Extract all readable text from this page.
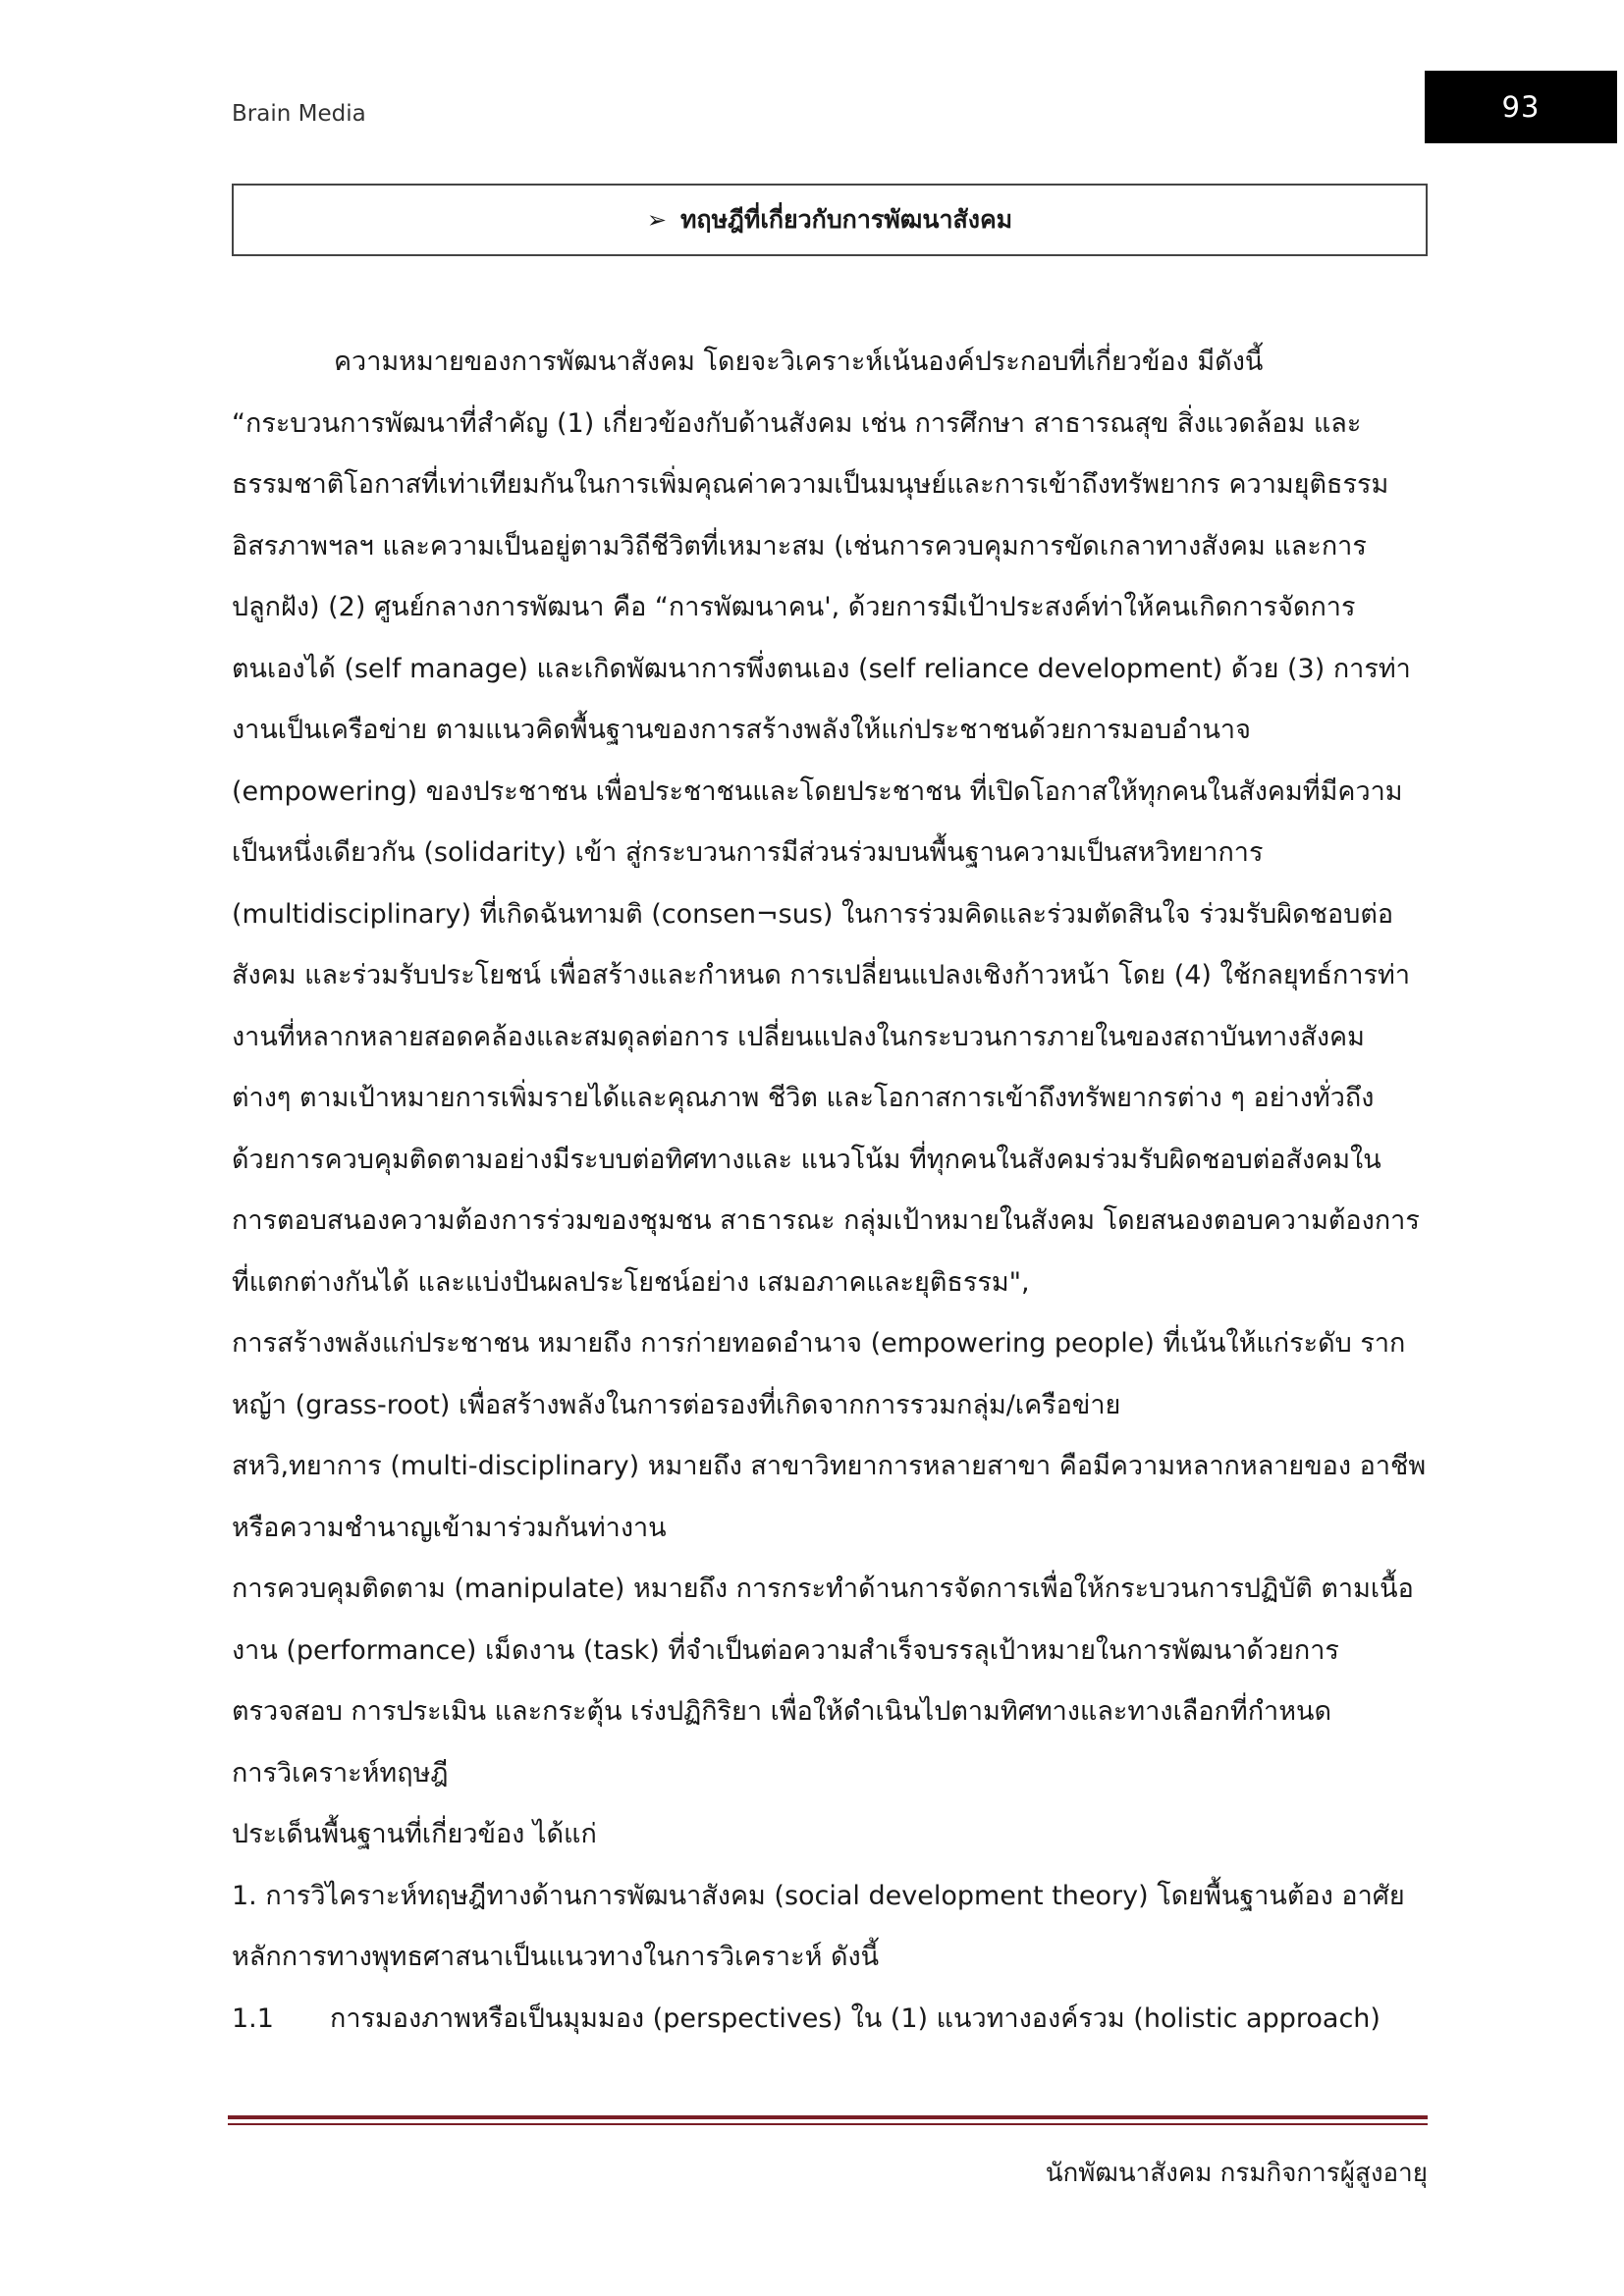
Brain Media	93
➢ ทฤษฎีที่เกี่ยวกับการพัฒนาสังคม
ความหมายของการพัฒนาสังคม โดยจะวิเคราะห์เน้นองค์ประกอบที่เกี่ยวข้อง มีดังนี้
“กระบวนการพัฒนาที่สำคัญ (1) เกี่ยวข้องกับด้านสังคม เช่น การศึกษา สาธารณสุข สิ่งแวดล้อม และ
ธรรมชาติโอกาสที่เท่าเทียมกันในการเพิ่มคุณค่าความเป็นมนุษย์และการเข้าถึงทรัพยากร ความยุติธรรม
อิสรภาพฯลฯ และความเป็นอยู่ตามวิถีชีวิตที่เหมาะสม (เช่นการควบคุมการขัดเกลาทางสังคม และการ
ปลูกฝัง) (2) ศูนย์กลางการพัฒนา คือ “การพัฒนาคน', ด้วยการมีเป้าประสงค์ท่าให้คนเกิดการจัดการ
ตนเองได้ (self manage) และเกิดพัฒนาการพึ่งตนเอง (self reliance development) ด้วย (3) การท่า
งานเป็นเครือข่าย ตามแนวคิดพื้นฐานของการสร้างพลังให้แก่ประชาชนด้วยการมอบอำนาจ
(empowering) ของประชาชน เพื่อประชาชนและโดยประชาชน ที่เปิดโอกาสให้ทุกคนในสังคมที่มีความ
เป็นหนึ่งเดียวกัน (solidarity) เข้า สู่กระบวนการมีส่วนร่วมบนพื้นฐานความเป็นสหวิทยาการ
(multidisciplinary) ที่เกิดฉันทามติ (consen¬sus) ในการร่วมคิดและร่วมตัดสินใจ ร่วมรับผิดชอบต่อ
สังคม และร่วมรับประโยชน์ เพื่อสร้างและกำหนด การเปลี่ยนแปลงเชิงก้าวหน้า โดย (4) ใช้กลยุทธ์การท่า
งานที่หลากหลายสอดคล้องและสมดุลต่อการ เปลี่ยนแปลงในกระบวนการภายในของสถาบันทางสังคม
ต่างๆ ตามเป้าหมายการเพิ่มรายได้และคุณภาพ ชีวิต และโอกาสการเข้าถึงทรัพยากรต่าง ๆ อย่างทั่วถึง
ด้วยการควบคุมติดตามอย่างมีระบบต่อทิศทางและ แนวโน้ม ที่ทุกคนในสังคมร่วมรับผิดชอบต่อสังคมใน
การตอบสนองความต้องการร่วมของชุมชน สาธารณะ กลุ่มเป้าหมายในสังคม โดยสนองตอบความต้องการ
ที่แตกต่างกันได้ และแบ่งปันผลประโยชน์อย่าง เสมอภาคและยุติธรรม",
การสร้างพลังแก่ประชาชน หมายถึง การก่ายทอดอำนาจ (empowering people) ที่เน้นให้แก่ระดับ ราก
หญ้า (grass-root) เพื่อสร้างพลังในการต่อรองที่เกิดจากการรวมกลุ่ม/เครือข่าย
สหวิ,ทยาการ (multi-disciplinary) หมายถึง สาขาวิทยาการหลายสาขา คือมีความหลากหลายของ อาชีพ
หรือความชำนาญเข้ามาร่วมกันท่างาน
การควบคุมติดตาม (manipulate) หมายถึง การกระทำด้านการจัดการเพื่อให้กระบวนการปฏิบัติ ตามเนื้อ
งาน (performance) เม็ดงาน (task) ที่จำเป็นต่อความสำเร็จบรรลุเป้าหมายในการพัฒนาด้วยการ
ตรวจสอบ การประเมิน และกระตุ้น เร่งปฏิกิริยา เพื่อให้ดำเนินไปตามทิศทางและทางเลือกที่กำหนด
การวิเคราะห์ทฤษฎี
ประเด็นพื้นฐานที่เกี่ยวข้อง ได้แก่
1. การวิไคราะห์ทฤษฎีทางด้านการพัฒนาสังคม (social development theory) โดยพื้นฐานต้อง อาศัย
หลักการทางพุทธศาสนาเป็นแนวทางในการวิเคราะห์ ดังนี้
1.1 การมองภาพหรือเป็นมุมมอง (perspectives) ใน (1) แนวทางองค์รวม (holistic approach)
นักพัฒนาสังคม กรมกิจการผู้สูงอายุ
